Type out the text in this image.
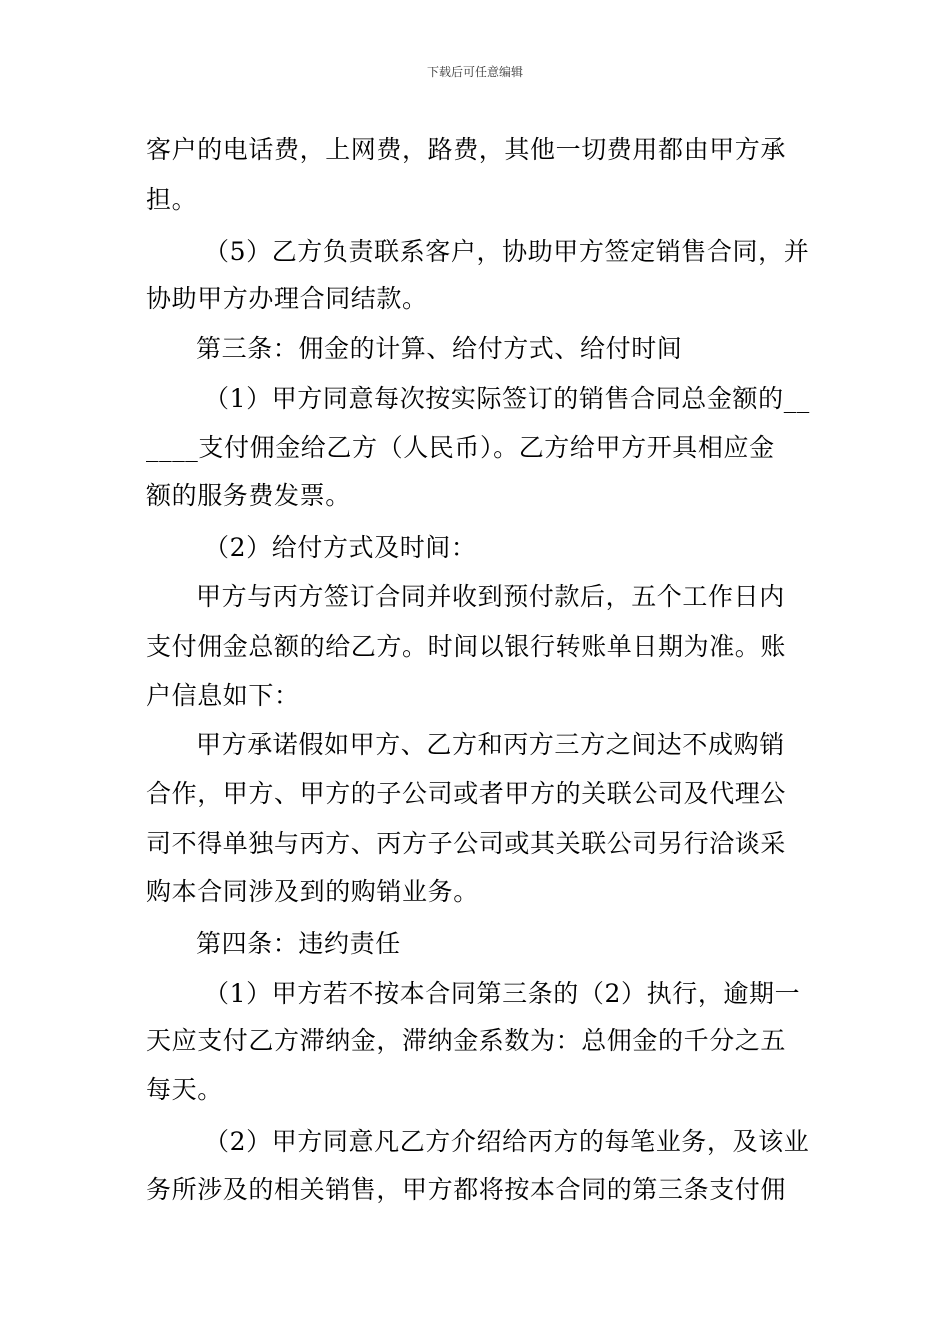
下载后可任意编辑
客户的电话费，上网费，路费，其他一切费用都由甲方承
担。
（5）乙方负责联系客户，协助甲方签定销售合同，并
协助甲方办理合同结款。
第三条：佣金的计算、给付方式、给付时间
（1）甲方同意每次按实际签订的销售合同总金额的__
____支付佣金给乙方（人民币）。乙方给甲方开具相应金
额的服务费发票。
（2）给付方式及时间：
甲方与丙方签订合同并收到预付款后，五个工作日内
支付佣金总额的给乙方。时间以银行转账单日期为准。账
户信息如下：
甲方承诺假如甲方、乙方和丙方三方之间达不成购销
合作，甲方、甲方的子公司或者甲方的关联公司及代理公
司不得单独与丙方、丙方子公司或其关联公司另行洽谈采
购本合同涉及到的购销业务。
第四条：违约责任
（1）甲方若不按本合同第三条的（2）执行，逾期一
天应支付乙方滞纳金，滞纳金系数为：总佣金的千分之五
每天。
（2）甲方同意凡乙方介绍给丙方的每笔业务，及该业
务所涉及的相关销售，甲方都将按本合同的第三条支付佣
